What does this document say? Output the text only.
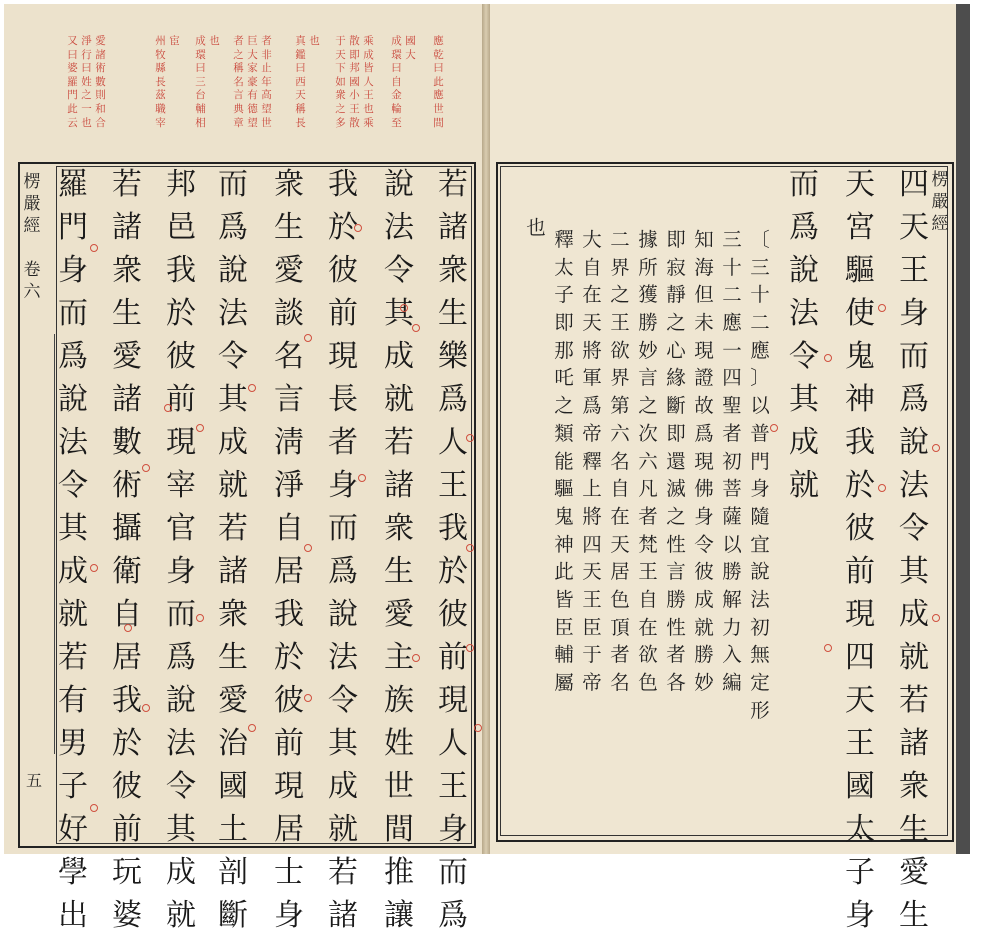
又
曰
婆
羅
門
此
云
淨
行
曰
姓
之
一
也
愛
諸
術
數
則
和
合
州
牧
縣
長
茲
職
宰
宦 成
環
曰
三
台
輔
相
也 者
之
稱
名
言
典
章
巨
大
家
豪
有
德
望
者
非
止
年
高
望
世
真
鑑
曰
西
天
稱
長
也 于
天
下
如
衆
之
多
散
即
邦
國
小
王
散
乘
成
皆
人
王
也
乘
成
環
曰
自
金
輪
至
國
大
應
乾
曰
此
應
世
間
若
諸
衆
生
樂
爲
人
王
我
於
彼
前
現
人
王
身
而
爲
說
法
令
其
成
就
若
諸
衆
生
愛
主
族
姓
世
間
推
讓
我
於
彼
前
現
長
者
身
而
爲
說
法
令
其
成
就
若
諸
衆
生
愛
談
名
言
淸
淨
自
居
我
於
彼
前
現
居
士
身
而
爲
說
法
令
其
成
就
若
諸
衆
生
愛
治
國
土
剖
斷
邦
邑
我
於
彼
前
現
宰
官
身
而
爲
說
法
令
其
成
就
若
諸
衆
生
愛
諸
數
術
攝
衛
自
居
我
於
彼
前
玩
婆
羅
門
身
而
爲
說
法
令
其
成
就
若
有
男
子
好
學
出
楞
嚴
經

卷
六
五
四
天
王
身
而
爲
說
法
令
其
成
就
若
諸
衆
生
愛
生
天
宮
驅
使
鬼
神
我
於
彼
前
現
四
天
王
國
太
子
身
而
爲
說
法
令
其
成
就
〔
三
十
二
應
〕
以
普
門
身
隨
宜
說
法
初
無
定
形
三
十
二
應
一
四
聖
者
初
菩
薩
以
勝
解
力
入
編
知
海
但
未
現
證
故
爲
現
佛
身
令
彼
成
就
勝
妙
即
寂
靜
之
心
緣
斷
即
還
滅
之
性
言
勝
性
者
各
據
所
獲
勝
妙
言
之
次
六
凡
者
梵
王
自
在
欲
色
二
界
之
王
欲
界
第
六
名
自
在
天
居
色
頂
者
名
大
自
在
天
將
軍
爲
帝
釋
上
將
四
天
王
臣
于
帝
釋
太
子
即
那
吒
之
類
能
驅
鬼
神
此
皆
臣
輔
屬
也
楞
嚴
經
